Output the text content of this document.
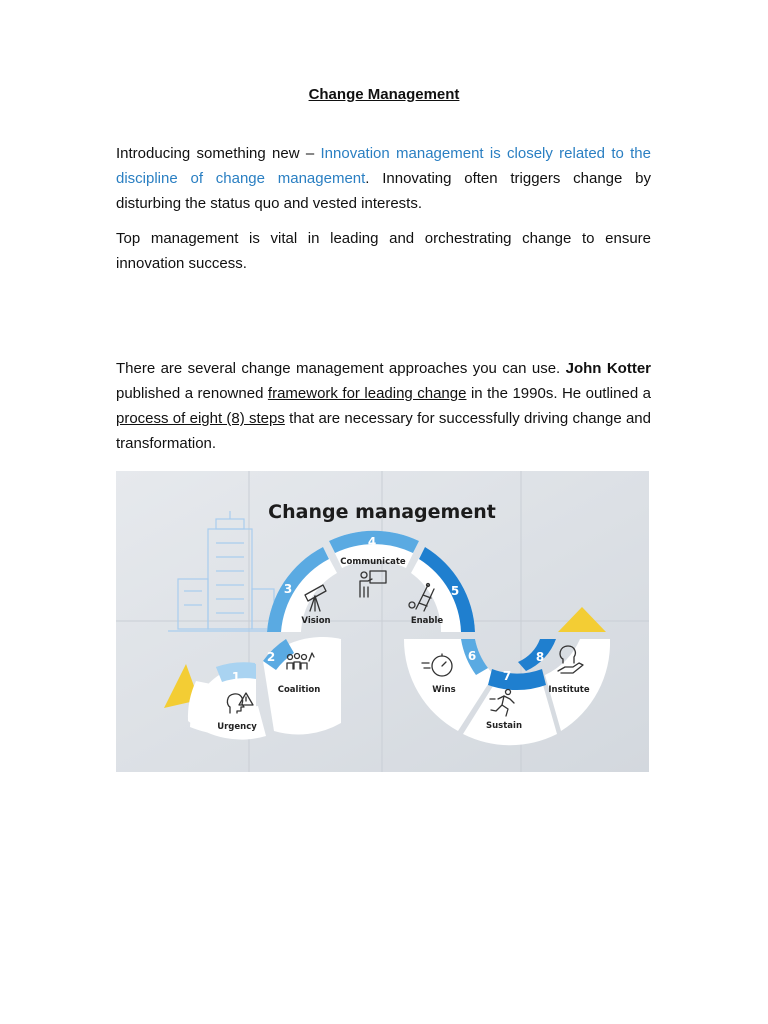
Change Management

Introducing something new – Innovation management is closely related to the discipline of change management. Innovating often triggers change by disturbing the status quo and vested interests.

Top management is vital in leading and orchestrating change to ensure innovation success.

There are several change management approaches you can use. John Kotter published a renowned framework for leading change in the 1990s. He outlined a process of eight (8) steps that are necessary for successfully driving change and transformation.

Change management
1
2
3
4
5
6
7
8
Urgency
Coalition
Vision
Communicate
Enable
Wins
Sustain
Institute
